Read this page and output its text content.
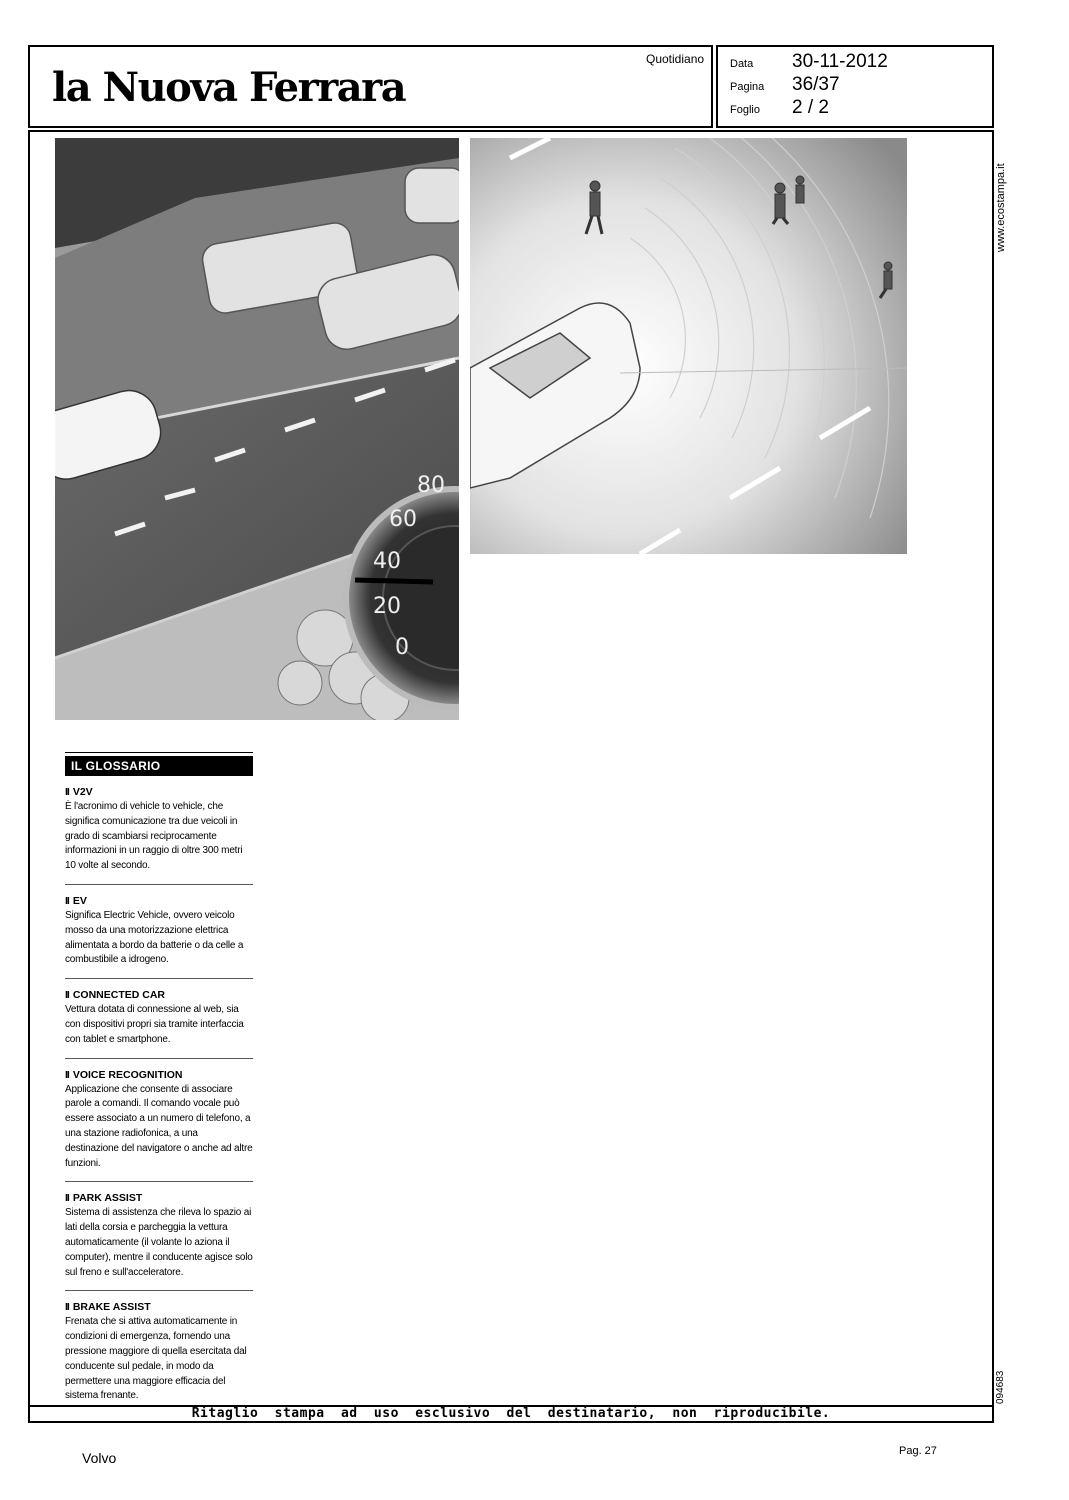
la Nuova Ferrara
Quotidiano Data	30-11-2012
Pagina	36/37
Foglio	2 / 2
www.ecostampa.it
094683
80
60
40
20
0
IL GLOSSARIO
II V2V
È l'acronimo di vehicle to vehicle, che significa comunicazione tra due veicoli in grado di scambiarsi reciprocamente informazioni in un raggio di oltre 300 metri 10 volte al secondo.
II EV
Significa Electric Vehicle, ovvero veicolo mosso da una motorizzazione elettrica alimentata a bordo da batterie o da celle a combustibile a idrogeno.
II CONNECTED CAR
Vettura dotata di connessione al web, sia con dispositivi propri sia tramite interfaccia con tablet e smartphone.
II VOICE RECOGNITION
Applicazione che consente di associare parole a comandi. Il comando vocale può essere associato a un numero di telefono, a una stazione radiofonica, a una destinazione del navigatore o anche ad altre funzioni.
II PARK ASSIST
Sistema di assistenza che rileva lo spazio ai lati della corsia e parcheggia la vettura automaticamente (il volante lo aziona il computer), mentre il conducente agisce solo sul freno e sull'acceleratore.
II BRAKE ASSIST
Frenata che si attiva automaticamente in condizioni di emergenza, fornendo una pressione maggiore di quella esercitata dal conducente sul pedale, in modo da permettere una maggiore efficacia del sistema frenante.
Ritaglio stampa ad uso esclusivo del destinatario, non riproducibile.
Volvo	Pag. 27
